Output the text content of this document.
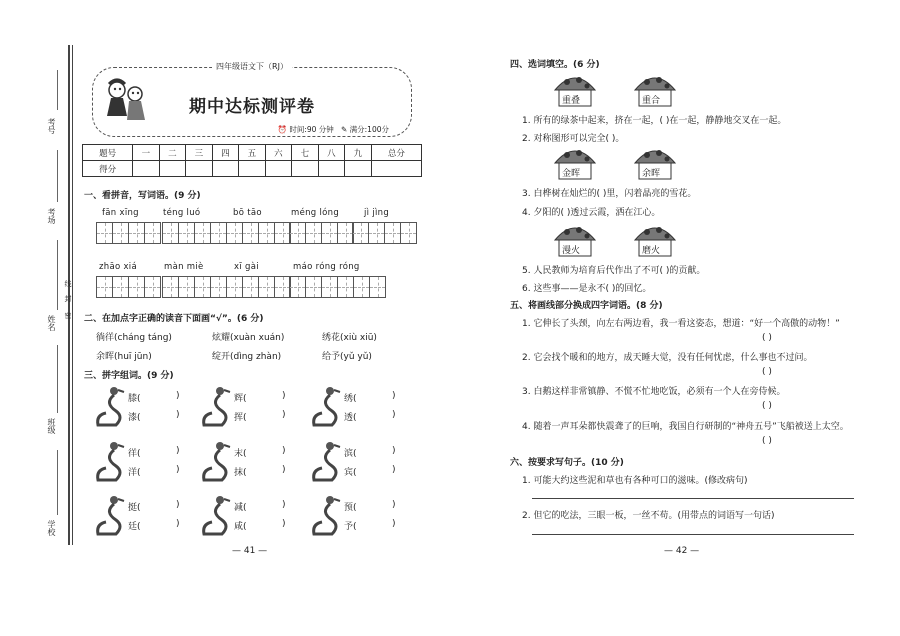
考号
考场
姓名 密
封
线
班级
学校
四年级语文下（RJ）
期中达标测评卷
⏰ 时间:90 分钟 ✎ 满分:100分
题号	一	二	三	四	五	六	七	八	九	总分
得分										
一、看拼音，写词语。(9 分)
fān xīng	téng luó	bō tāo	méng lóng	jì jìng
zhāo xiá	màn miè	xī gài	máo róng róng
二、在加点字正确的读音下面画“√”。(6 分)
徜徉(cháng táng)	炫耀(xuàn xuán)	绣花(xiù xiū)
余晖(huī jūn)	绽开(dìng zhàn)	给予(yǔ yǔ)
三、拼字组词。(9 分)
膝(	)
漆(	)
辉(	)
挥(	)
绣(	)
透(	)
徉(	)
洋(	)
末(	)
抹(	)
滨(	)
宾(	)
挺(	)
廷(	)
减(	)
咸(	)
预(	)
予(	)
— 41 —
四、选词填空。(6 分)
重叠	重合
1. 所有的绿茶中起来，挤在一起，( )在一起，静静地交叉在一起。
2. 对称图形可以完全( )。
金晖	余晖
3. 白桦树在灿烂的( )里，闪着晶亮的雪花。
4. 夕阳的( )透过云霞，洒在江心。
漫火	磨火
5. 人民教师为培育后代作出了不可( )的贡献。
6. 这些事——是永不( )的回忆。
五、将画线部分换成四字词语。(8 分)
1. 它伸长了头颈，向左右两边看，我一看这姿态，想道：“好一个高傲的动物！”
( )
2. 它会找个暖和的地方，成天睡大觉，没有任何忧虑，什么事也不过问。
( )
3. 白鹅这样非常镇静、不慌不忙地吃饭，必须有一个人在旁侍候。
( )
4. 随着一声耳朵都快震聋了的巨响，我国自行研制的“神舟五号”飞船被送上太空。
( )
六、按要求写句子。(10 分)
1. 可能大约这些泥和草也有各种可口的滋味。(修改病句)
2. 但它的吃法，三眼一板，一丝不苟。(用带点的词语写一句话)
— 42 —
